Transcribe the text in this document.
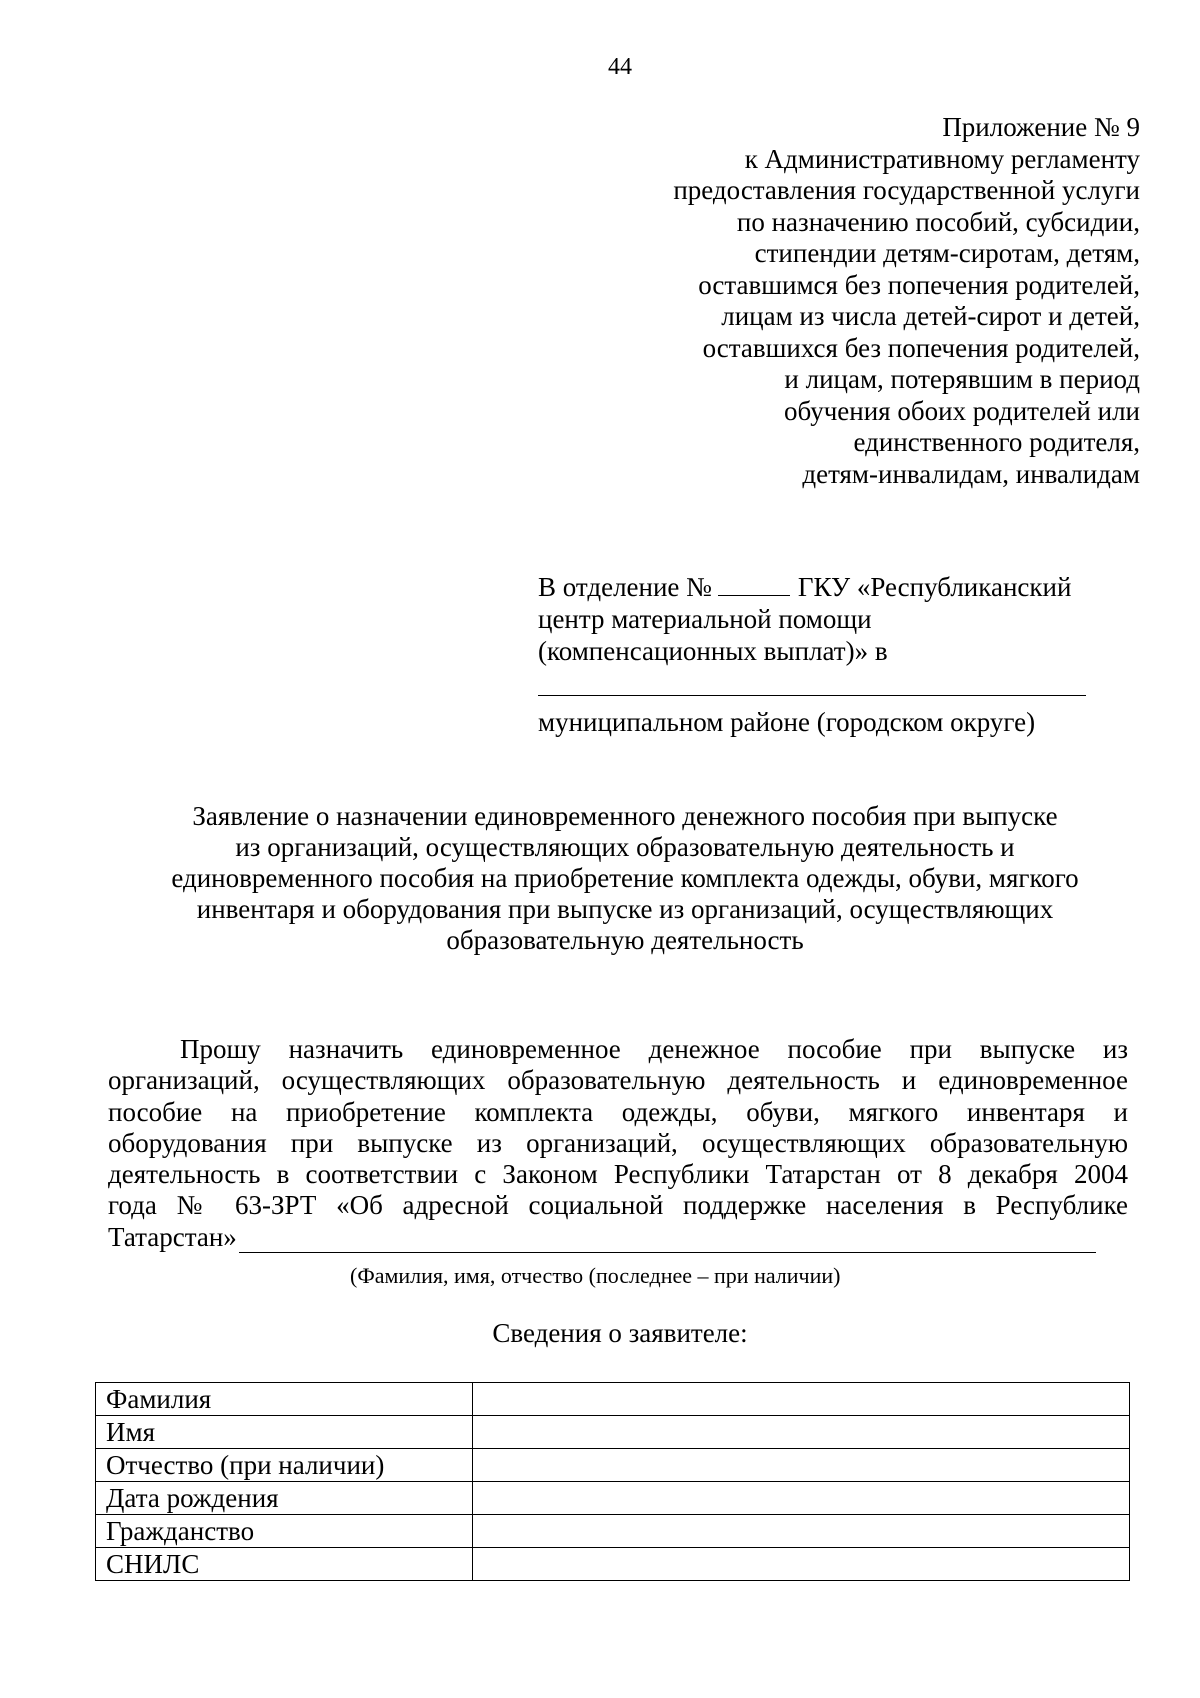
44
Приложение № 9
к Административному регламенту
предоставления государственной услуги
по назначению пособий, субсидии,
стипендии детям-сиротам, детям,
оставшимся без попечения родителей,
лицам из числа детей-сирот и детей,
оставшихся без попечения родителей,
и лицам, потерявшим в период
обучения обоих родителей или
единственного родителя,
детям-инвалидам, инвалидам
В отделение №	ГКУ «Республиканский
центр материальной помощи
(компенсационных выплат)» в
муниципальном районе (городском округе)
Заявление о назначении единовременного денежного пособия при выпуске
из организаций, осуществляющих образовательную деятельность и
единовременного пособия на приобретение комплекта одежды, обуви, мягкого
инвентаря и оборудования при выпуске из организаций, осуществляющих
образовательную деятельность
Прошу назначить единовременное денежное пособие при выпуске из
организаций, осуществляющих образовательную деятельность и единовременное
пособие на приобретение комплекта одежды, обуви, мягкого инвентаря и
оборудования при выпуске из организаций, осуществляющих образовательную
деятельность в соответствии с Законом Республики Татарстан от 8 декабря 2004
года № 63-ЗРТ «Об адресной социальной поддержке населения в Республике
Татарстан»
(Фамилия, имя, отчество (последнее – при наличии)
Сведения о заявителе:
Фамилия	
Имя	
Отчество (при наличии)	
Дата рождения	
Гражданство	
СНИЛС	
